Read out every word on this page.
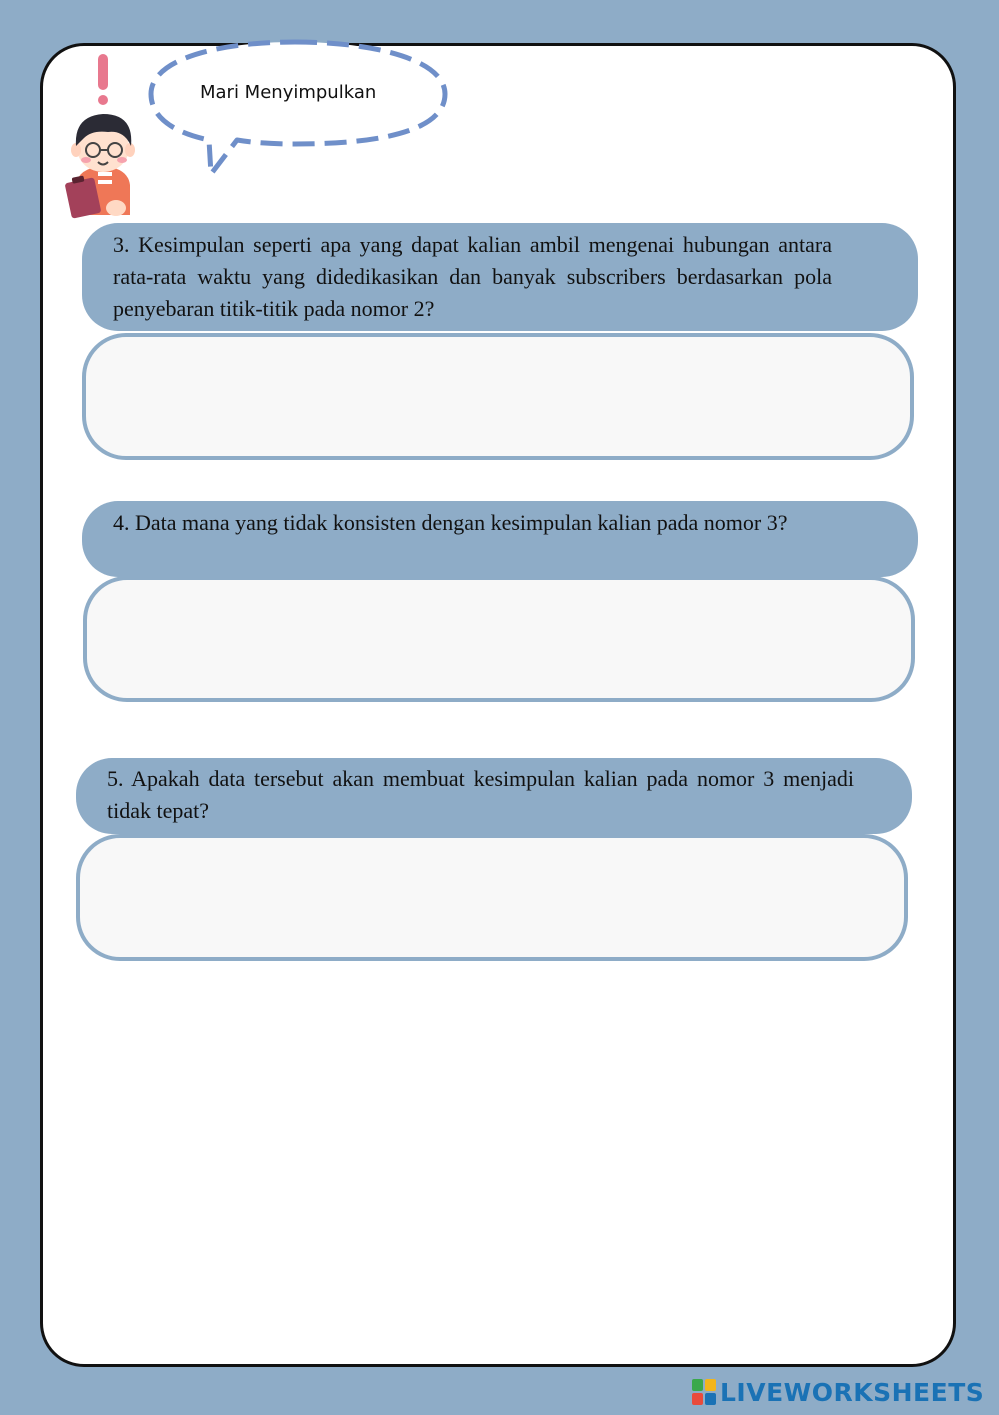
Mari Menyimpulkan
3. Kesimpulan seperti apa yang dapat kalian ambil mengenai hubungan antara rata-rata waktu yang didedikasikan dan banyak subscribers berdasarkan pola penyebaran titik-titik pada nomor 2?
4. Data mana yang tidak konsisten dengan kesimpulan kalian pada nomor 3?
5. Apakah data tersebut akan membuat kesimpulan kalian pada nomor 3 menjadi tidak tepat?
LIVEWORKSHEETS
